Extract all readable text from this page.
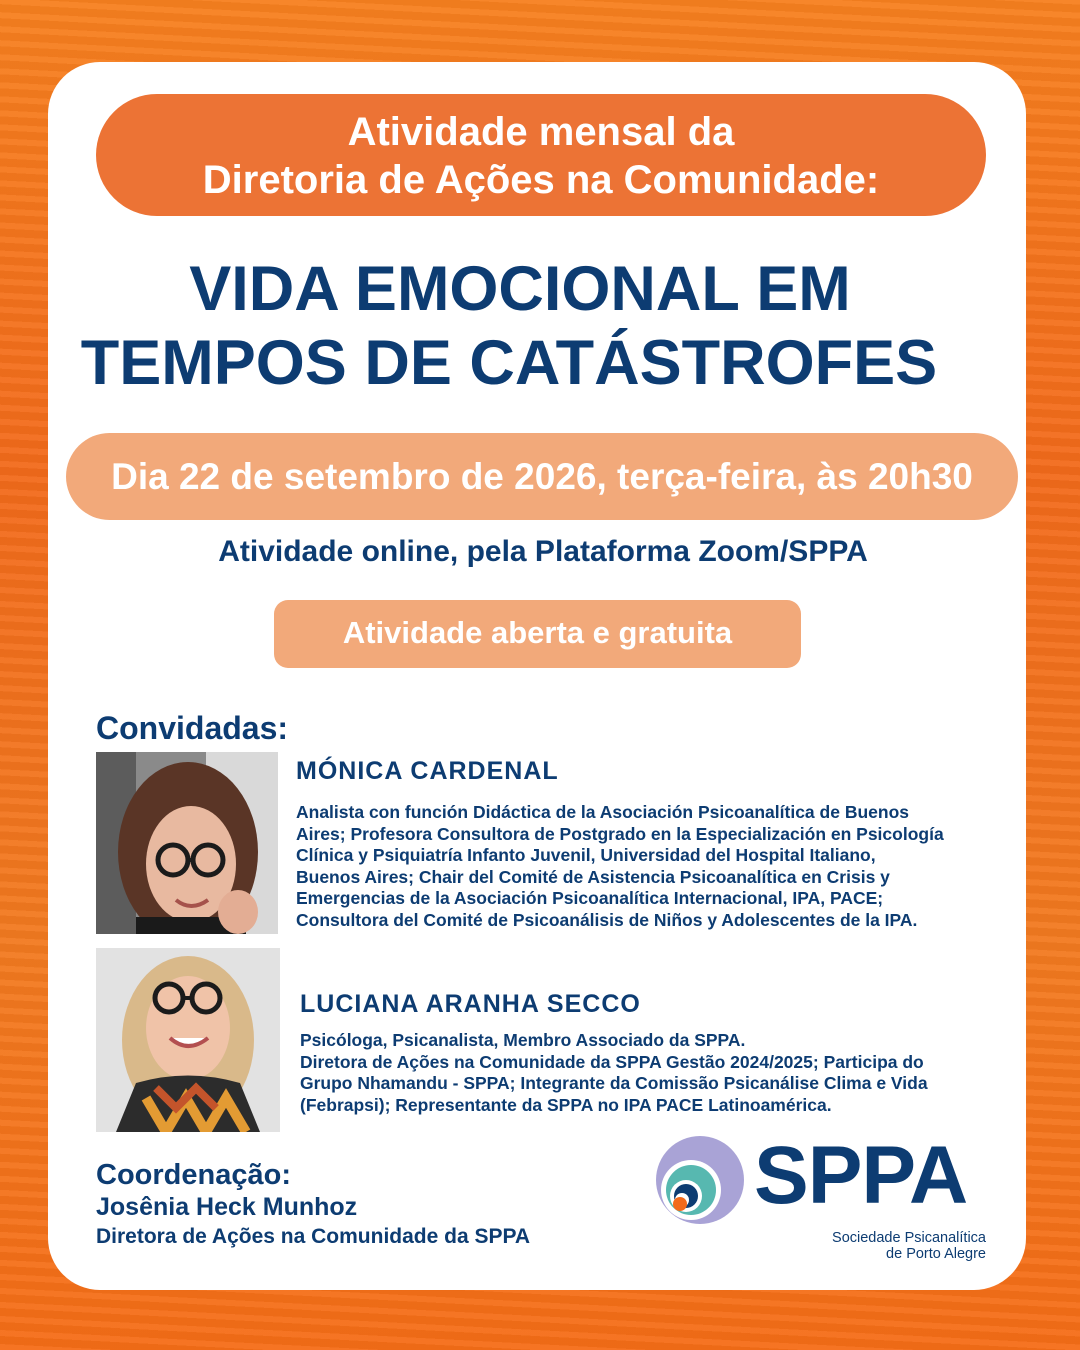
Atividade mensal da
Diretoria de Ações na Comunidade:
VIDA EMOCIONAL EM
TEMPOS DE CATÁSTROFES
Dia 22 de setembro de 2026, terça-feira, às 20h30
Atividade online, pela Plataforma Zoom/SPPA
Atividade aberta e gratuita
Convidadas:
MÓNICA CARDENAL
Analista con función Didáctica de la Asociación Psicoanalítica de Buenos
Aires; Profesora Consultora de Postgrado en la Especialización en Psicología
Clínica y Psiquiatría Infanto Juvenil, Universidad del Hospital Italiano,
Buenos Aires; Chair del Comité de Asistencia Psicoanalítica en Crisis y
Emergencias de la Asociación Psicoanalítica Internacional, IPA, PACE;
Consultora del Comité de Psicoanálisis de Niños y Adolescentes de la IPA.
LUCIANA ARANHA SECCO
Psicóloga, Psicanalista, Membro Associado da SPPA.
Diretora de Ações na Comunidade da SPPA Gestão 2024/2025; Participa do
Grupo Nhamandu - SPPA; Integrante da Comissão Psicanálise Clima e Vida
(Febrapsi); Representante da SPPA no IPA PACE Latinoamérica.
Coordenação:
Josênia Heck Munhoz
Diretora de Ações na Comunidade da SPPA
SPPA
Sociedade Psicanalítica
de Porto Alegre
